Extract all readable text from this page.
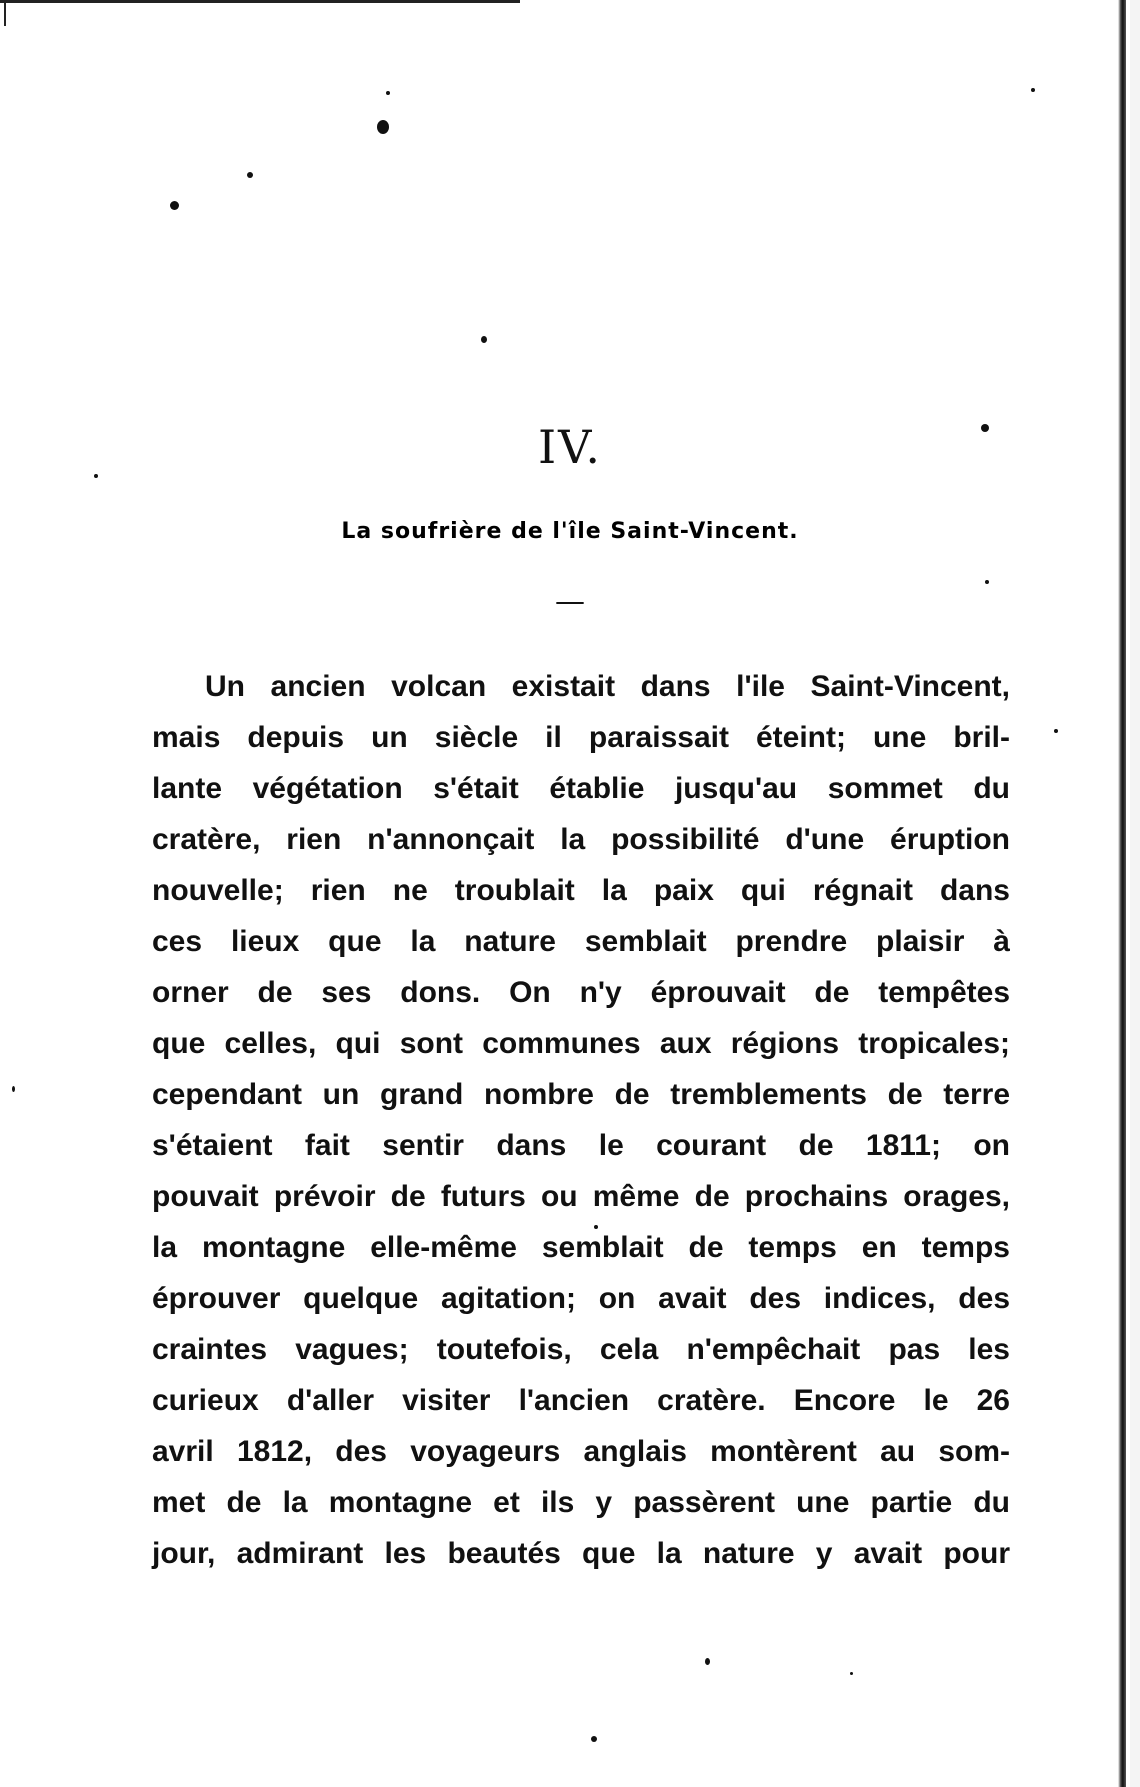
IV.
La soufrière de l'île Saint-Vincent.
—
Un ancien volcan existait dans l'ile Saint-Vincent,
mais depuis un siècle il paraissait éteint; une bril-
lante végétation s'était établie jusqu'au sommet du
cratère, rien n'annonçait la possibilité d'une éruption
nouvelle; rien ne troublait la paix qui régnait dans
ces lieux que la nature semblait prendre plaisir à
orner de ses dons. On n'y éprouvait de tempêtes
que celles, qui sont communes aux régions tropicales;
cependant un grand nombre de tremblements de terre
s'étaient fait sentir dans le courant de 1811; on
pouvait prévoir de futurs ou même de prochains orages,
la montagne elle-même semblait de temps en temps
éprouver quelque agitation; on avait des indices, des
craintes vagues; toutefois, cela n'empêchait pas les
curieux d'aller visiter l'ancien cratère. Encore le 26
avril 1812, des voyageurs anglais montèrent au som-
met de la montagne et ils y passèrent une partie du
jour, admirant les beautés que la nature y avait pour
